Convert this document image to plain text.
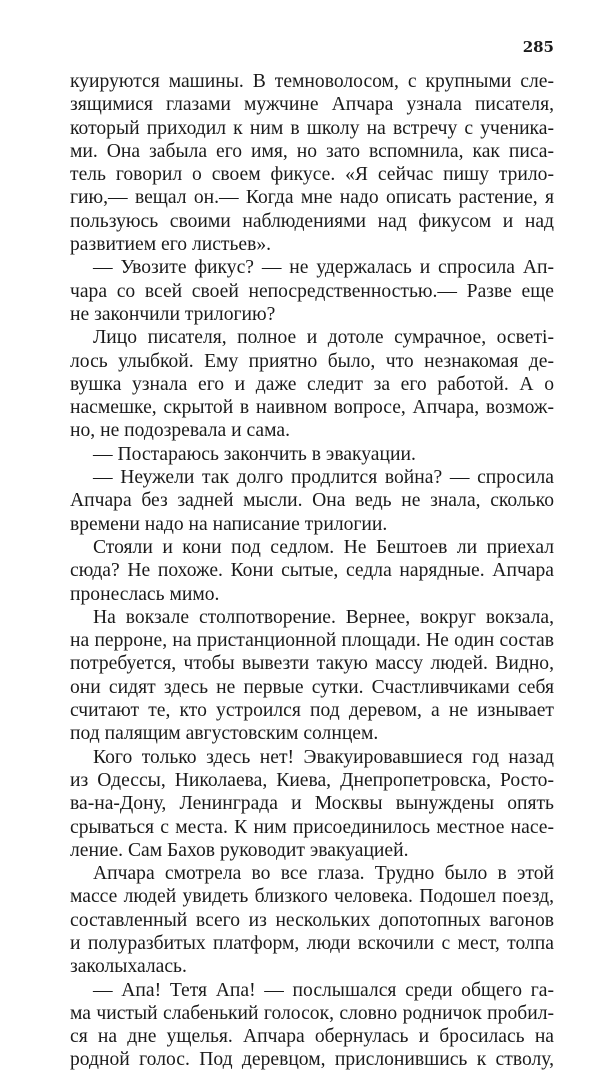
285
куируются машины. В темноволосом, с крупными сле-
зящимися глазами мужчине Апчара узнала писателя,
который приходил к ним в школу на встречу с ученика-
ми. Она забыла его имя, но зато вспомнила, как писа-
тель говорил о своем фикусе. «Я сейчас пишу трило-
гию,— вещал он.— Когда мне надо описать растение, я
пользуюсь своими наблюдениями над фикусом и над
развитием его листьев».
— Увозите фикус? — не удержалась и спросила Ап-
чара со всей своей непосредственностью.— Разве еще
не закончили трилогию?
Лицо писателя, полное и дотоле сумрачное, осветі-
лось улыбкой. Ему приятно было, что незнакомая де-
вушка узнала его и даже следит за его работой. А о
насмешке, скрытой в наивном вопросе, Апчара, возмож-
но, не подозревала и сама.
— Постараюсь закончить в эвакуации.
— Неужели так долго продлится война? — спросила
Апчара без задней мысли. Она ведь не знала, сколько
времени надо на написание трилогии.
Стояли и кони под седлом. Не Бештоев ли приехал
сюда? Не похоже. Кони сытые, седла нарядные. Апчара
пронеслась мимо.
На вокзале столпотворение. Вернее, вокруг вокзала,
на перроне, на пристанционной площади. Не один состав
потребуется, чтобы вывезти такую массу людей. Видно,
они сидят здесь не первые сутки. Счастливчиками себя
считают те, кто устроился под деревом, а не изнывает
под палящим августовским солнцем.
Кого только здесь нет! Эвакуировавшиеся год назад
из Одессы, Николаева, Киева, Днепропетровска, Росто-
ва-на-Дону, Ленинграда и Москвы вынуждены опять
срываться с места. К ним присоединилось местное насе-
ление. Сам Бахов руководит эвакуацией.
Апчара смотрела во все глаза. Трудно было в этой
массе людей увидеть близкого человека. Подошел поезд,
составленный всего из нескольких допотопных вагонов
и полуразбитых платформ, люди вскочили с мест, толпа
заколыхалась.
— Апа! Тетя Апа! — послышался среди общего га-
ма чистый слабенький голосок, словно родничок пробил-
ся на дне ущелья. Апчара обернулась и бросилась на
родной голос. Под деревцом, прислонившись к стволу,
